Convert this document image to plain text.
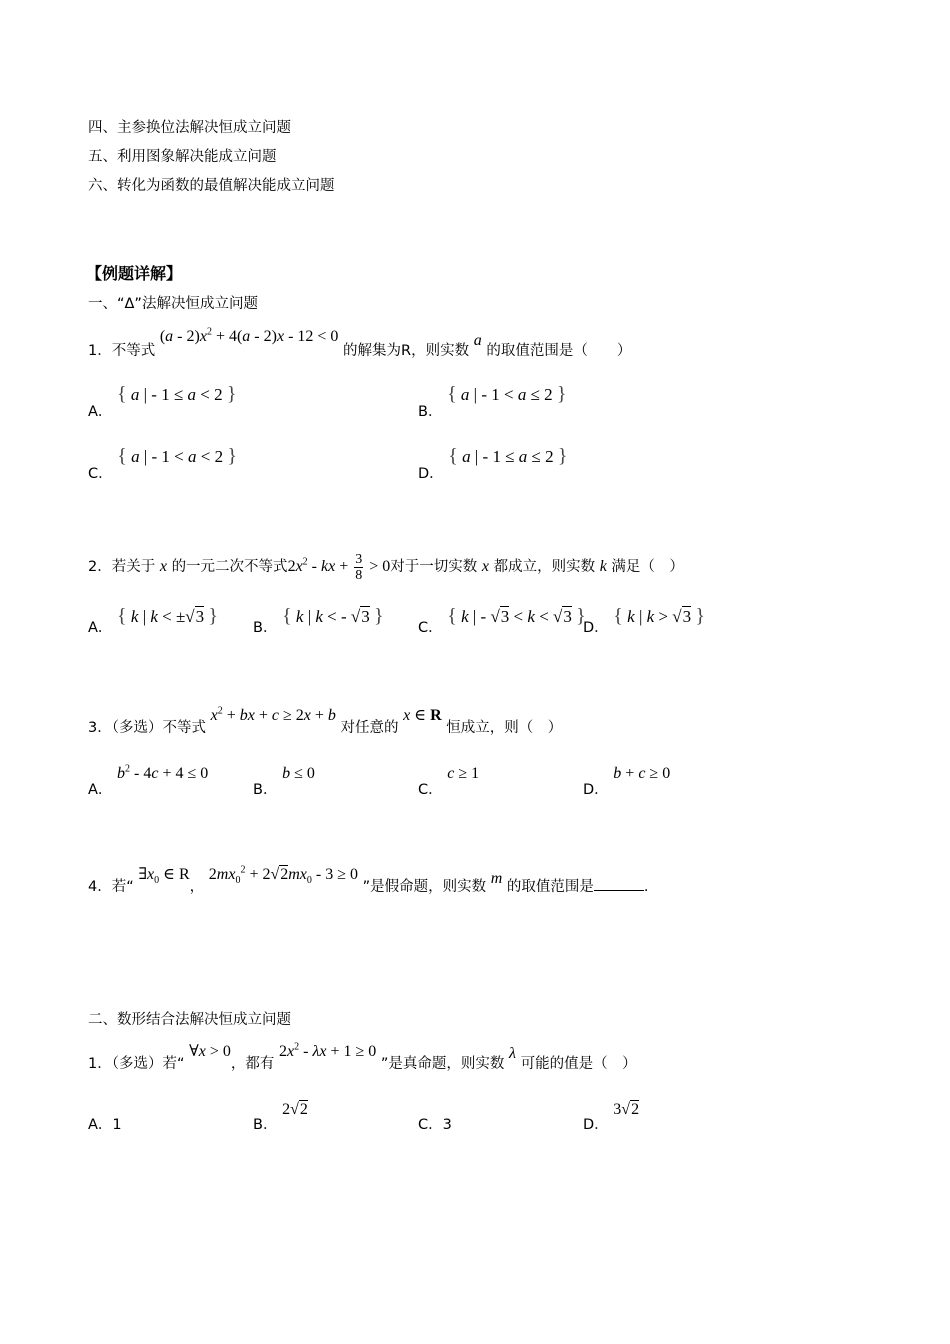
四、主参换位法解决恒成立问题
五、利用图象解决能成立问题
六、转化为函数的最值解决能成立问题
【例题详解】
一、“Δ”法解决恒成立问题
1．不等式 $(a - 2)x^2 + 4(a - 2)x - 12 < 0$ 的解集为R，则实数 a 的取值范围是（　　）
A． { a | - 1 ≤ a < 2 }
B． { a | - 1 < a ≤ 2 }
C． { a | - 1 < a < 2 }
D． { a | - 1 ≤ a ≤ 2 }
2．若关于 x 的一元二次不等式$2x^2$ - kx + $\frac{3}{8} > 0$对于一切实数 x 都成立，则实数 k 满足（　）
A． { k | k < ±√3 }
B． { k | k < - √3 }
C． { k | - √3 < k < √3 }
D． { k | k > √3 }
3．（多选）不等式 $x^2$ + bx + c ≥ 2x + b 对任意的 x ∈ R 恒成立，则（　）
A． $b^2 - 4c + 4 \le 0$
B． b ≤ 0
C． c ≥ 1
D． b + c ≥ 0
4．若“ $\exists x_0$ ∈ R， $2mx_0^2 + 2√2mx_0 - 3 \ge 0$ ”是假命题，则实数 m 的取值范围是	.
二、数形结合法解决恒成立问题
1．（多选）若“ ∀x > 0，都有 $2x^2 - \lambda x + 1 \ge 0$ ”是真命题，则实数 λ 可能的值是（　）
A．1	B． 2√2
C．3	D． 3√2
